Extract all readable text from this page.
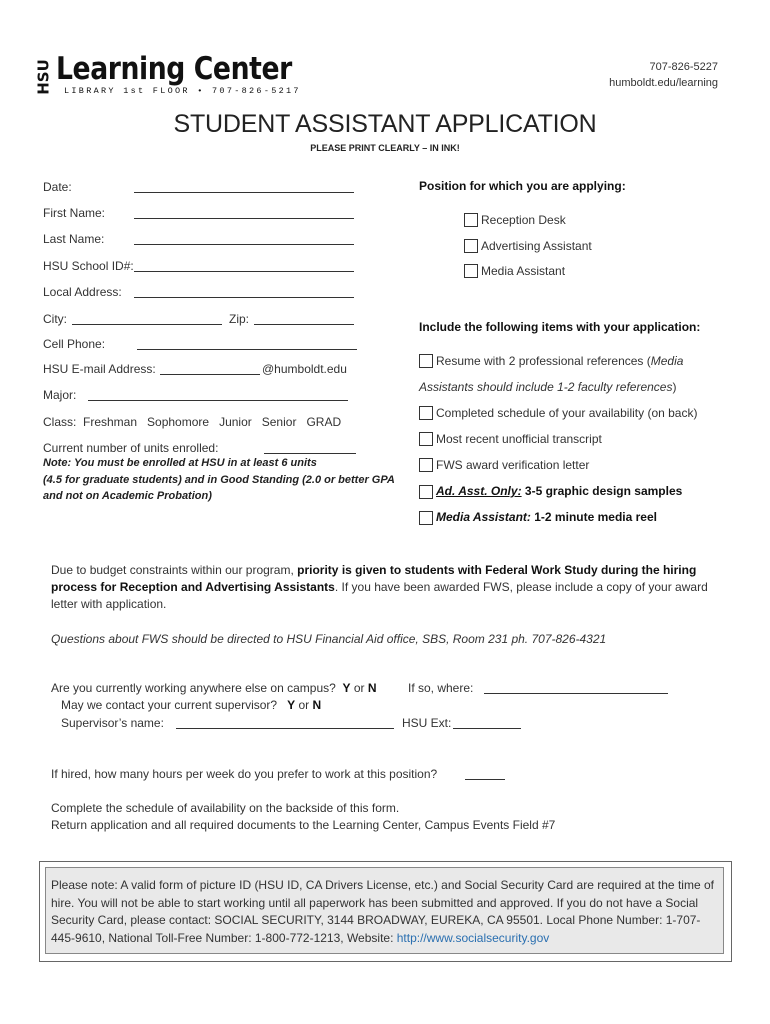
HSU Learning Center
LIBRARY 1st FLOOR • 707-826-5217
707-826-5227
humboldt.edu/learning
STUDENT ASSISTANT APPLICATION
PLEASE PRINT CLEARLY – IN INK!
Date:
First Name:
Last Name:
HSU School ID#:
Local Address:
City:	Zip:
Cell Phone:
HSU E-mail Address:	@humboldt.edu
Major:
Class:  Freshman   Sophomore   Junior   Senior   GRAD
Current number of units enrolled:
Note: You must be enrolled at HSU in at least 6 units
(4.5 for graduate students) and in Good Standing (2.0 or better GPA
and not on Academic Probation)
Position for which you are applying:
Reception Desk
Advertising Assistant
Media Assistant
Include the following items with your application:
Resume with 2 professional references (Media
Assistants should include 1-2 faculty references)
Completed schedule of your availability (on back)
Most recent unofficial transcript
FWS award verification letter
Ad. Asst. Only: 3-5 graphic design samples
Media Assistant: 1-2 minute media reel
Due to budget constraints within our program, priority is given to students with Federal Work Study during the hiring process for Reception and Advertising Assistants. If you have been awarded FWS, please include a copy of your award letter with application.
Questions about FWS should be directed to HSU Financial Aid office, SBS, Room 231 ph. 707-826-4321
Are you currently working anywhere else on campus? Y or N	If so, where:
May we contact your current supervisor? Y or N
Supervisor’s name:	HSU Ext:
If hired, how many hours per week do you prefer to work at this position?
Complete the schedule of availability on the backside of this form.
Return application and all required documents to the Learning Center, Campus Events Field #7
Please note: A valid form of picture ID (HSU ID, CA Drivers License, etc.) and Social Security Card are required at the time of hire. You will not be able to start working until all paperwork has been submitted and approved. If you do not have a Social Security Card, please contact: SOCIAL SECURITY, 3144 BROADWAY, EUREKA, CA 95501. Local Phone Number: 1-707-445-9610, National Toll-Free Number: 1-800-772-1213, Website: http://www.socialsecurity.gov
